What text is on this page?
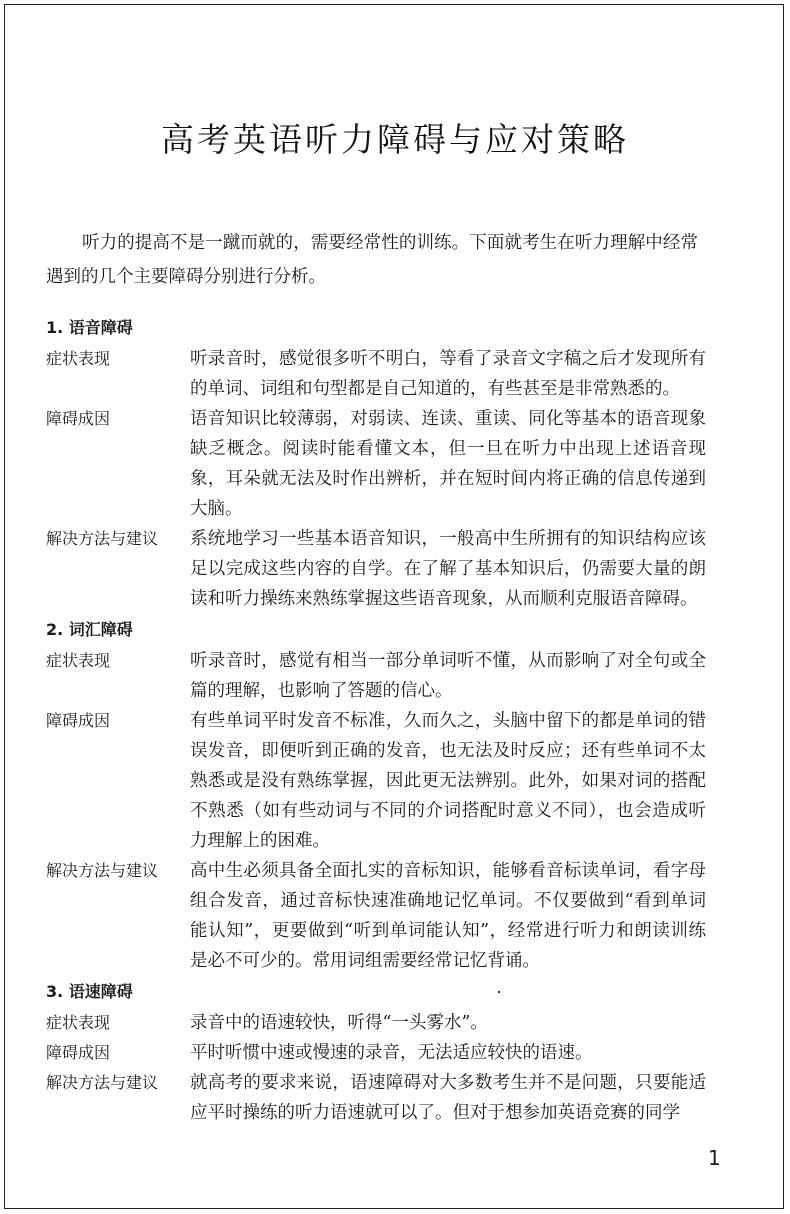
高考英语听力障碍与应对策略
听力的提高不是一蹴而就的，需要经常性的训练。下面就考生在听力理解中经常遇到的几个主要障碍分别进行分析。
1. 语音障碍
症状表现	听录音时，感觉很多听不明白，等看了录音文字稿之后才发现所有的单词、词组和句型都是自己知道的，有些甚至是非常熟悉的。
障碍成因	语音知识比较薄弱，对弱读、连读、重读、同化等基本的语音现象缺乏概念。阅读时能看懂文本，但一旦在听力中出现上述语音现象，耳朵就无法及时作出辨析，并在短时间内将正确的信息传递到大脑。
解决方法与建议	系统地学习一些基本语音知识，一般高中生所拥有的知识结构应该足以完成这些内容的自学。在了解了基本知识后，仍需要大量的朗读和听力操练来熟练掌握这些语音现象，从而顺利克服语音障碍。
2. 词汇障碍
症状表现	听录音时，感觉有相当一部分单词听不懂，从而影响了对全句或全篇的理解，也影响了答题的信心。
障碍成因	有些单词平时发音不标准，久而久之，头脑中留下的都是单词的错误发音，即便听到正确的发音，也无法及时反应；还有些单词不太熟悉或是没有熟练掌握，因此更无法辨别。此外，如果对词的搭配不熟悉（如有些动词与不同的介词搭配时意义不同），也会造成听力理解上的困难。
解决方法与建议	高中生必须具备全面扎实的音标知识，能够看音标读单词，看字母组合发音，通过音标快速准确地记忆单词。不仅要做到“看到单词能认知”，更要做到“听到单词能认知”，经常进行听力和朗读训练是必不可少的。常用词组需要经常记忆背诵。
3. 语速障碍
症状表现	录音中的语速较快，听得“一头雾水”。
障碍成因	平时听惯中速或慢速的录音，无法适应较快的语速。
解决方法与建议	就高考的要求来说，语速障碍对大多数考生并不是问题，只要能适应平时操练的听力语速就可以了。但对于想参加英语竞赛的同学
1
